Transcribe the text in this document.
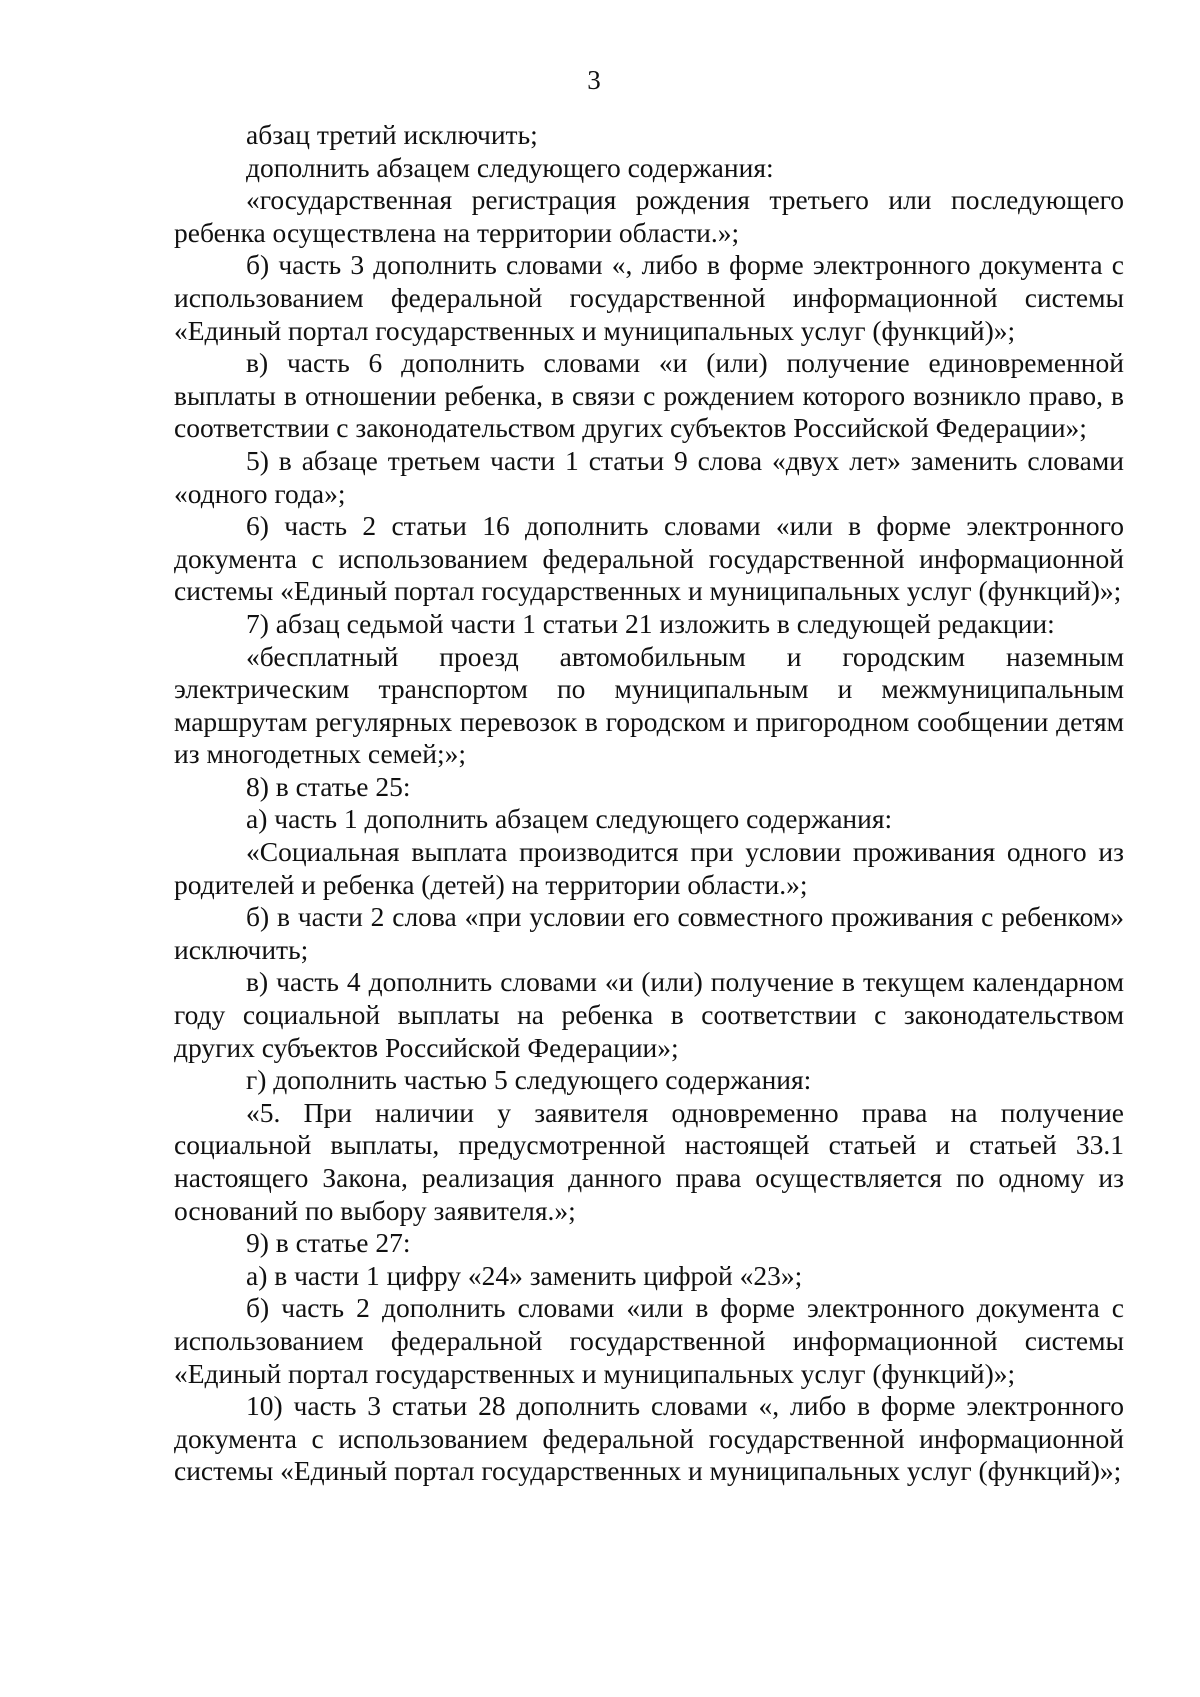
3

абзац третий исключить;

дополнить абзацем следующего содержания:

«государственная регистрация рождения третьего или последующего ребенка осуществлена на территории области.»;

б) часть 3 дополнить словами «, либо в форме электронного документа с использованием федеральной государственной информационной системы «Единый портал государственных и муниципальных услуг (функций)»;

в) часть 6 дополнить словами «и (или) получение единовременной выплаты в отношении ребенка, в связи с рождением которого возникло право, в соответствии с законодательством других субъектов Российской Федерации»;

5) в абзаце третьем части 1 статьи 9 слова «двух лет» заменить словами «одного года»;

6) часть 2 статьи 16 дополнить словами «или в форме электронного документа с использованием федеральной государственной информационной системы «Единый портал государственных и муниципальных услуг (функций)»;

7) абзац седьмой части 1 статьи 21 изложить в следующей редакции:

«бесплатный проезд автомобильным и городским наземным электрическим транспортом по муниципальным и межмуниципальным маршрутам регулярных перевозок в городском и пригородном сообщении детям из многодетных семей;»;

8) в статье 25:

а) часть 1 дополнить абзацем следующего содержания:

«Социальная выплата производится при условии проживания одного из родителей и ребенка (детей) на территории области.»;

б) в части 2 слова «при условии его совместного проживания с ребенком» исключить;

в) часть 4 дополнить словами «и (или) получение в текущем календарном году социальной выплаты на ребенка в соответствии с законодательством других субъектов Российской Федерации»;

г) дополнить частью 5 следующего содержания:

«5. При наличии у заявителя одновременно права на получение социальной выплаты, предусмотренной настоящей статьей и статьей 33.1 настоящего Закона, реализация данного права осуществляется по одному из оснований по выбору заявителя.»;

9) в статье 27:

а) в части 1 цифру «24» заменить цифрой «23»;

б) часть 2 дополнить словами «или в форме электронного документа с использованием федеральной государственной информационной системы «Единый портал государственных и муниципальных услуг (функций)»;

10) часть 3 статьи 28 дополнить словами «, либо в форме электронного документа с использованием федеральной государственной информационной системы «Единый портал государственных и муниципальных услуг (функций)»;
